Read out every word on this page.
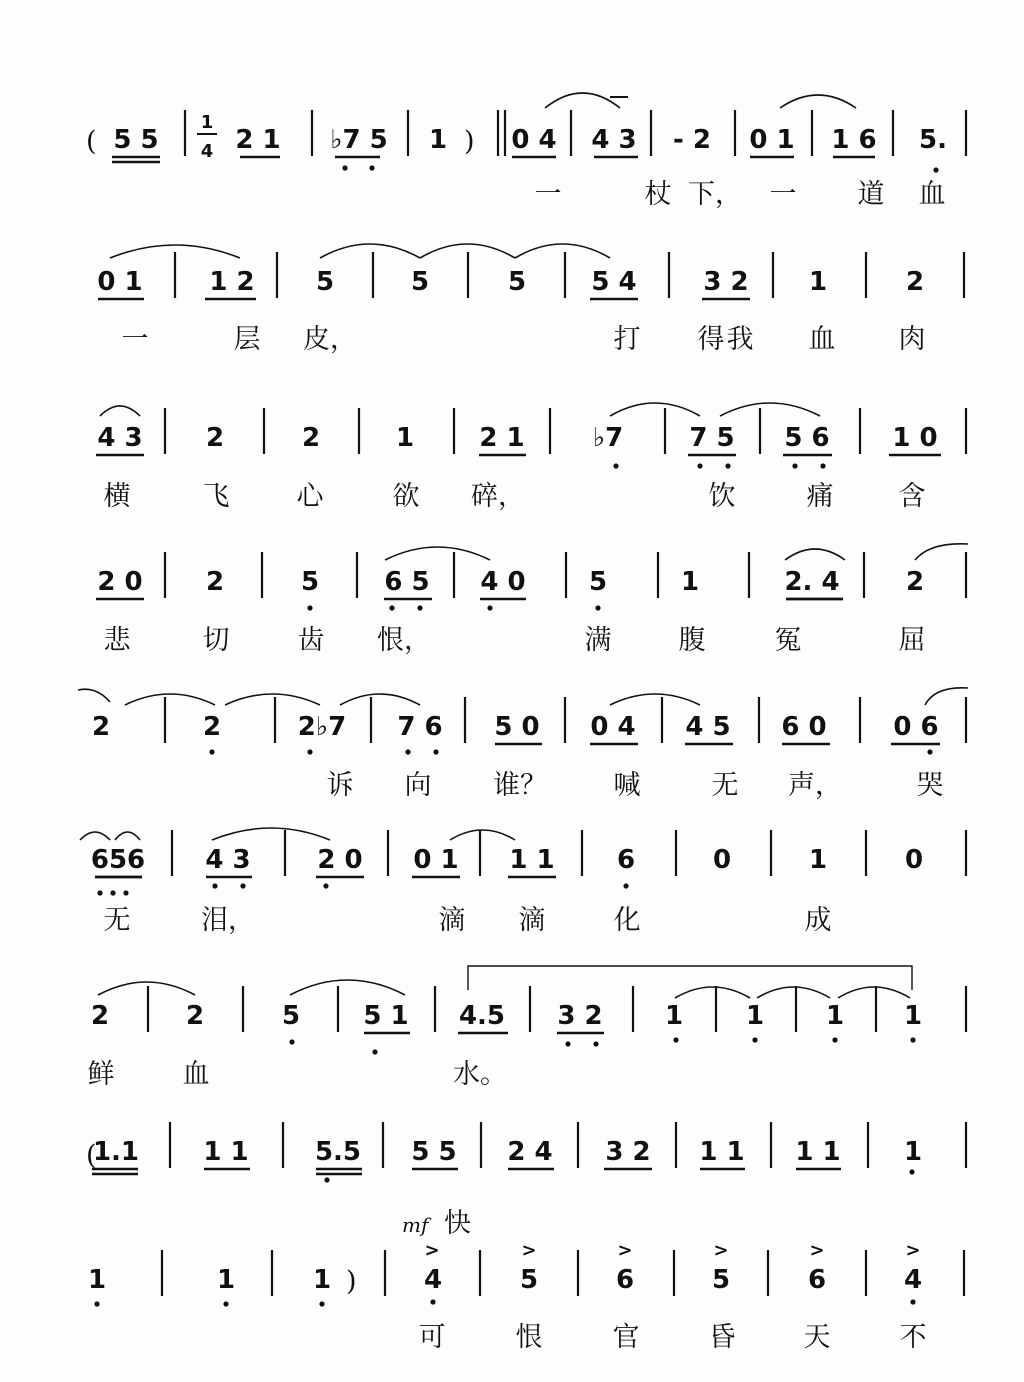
5 5	2 1 ♭7 5 1 0 4 4 3 - 2 0 1 1 6 5.
一	杖 下， 一 道 血
0 1	1 2 5	5	5	5 4	3 2 1	2
一	层 皮，	打 得 我 血 肉
4 3 2	2	1	2 1	♭7	7 5 5 6 1 0
横	飞 心	欲 碎，	饮	痛 含
2 0 2	5	6 5 4 0 5	1	2. 4	2
悲	切	齿 恨，	满 腹	冤	屈
2	2	2♭7 7 6 5 0 0 4 4 5 6 0	0 6
诉 向 谁？ 喊	无 声，	哭
656 4 3	2 0 0 1 1 1 6	0	1	0
无	泪，	滴 滴	化	成
2	2	5 5 1 4.5 3 2 1 1 1 1
鲜	血	水。
1.1 1 1	5.5 5 5 2 4 3 2 1 1 1 1 1
1	1	1	4	5	6	5	6	4
可	恨	官	昏	天	不
(	)
1
4
(
)
mf 快
>	>	>	>	>	>
